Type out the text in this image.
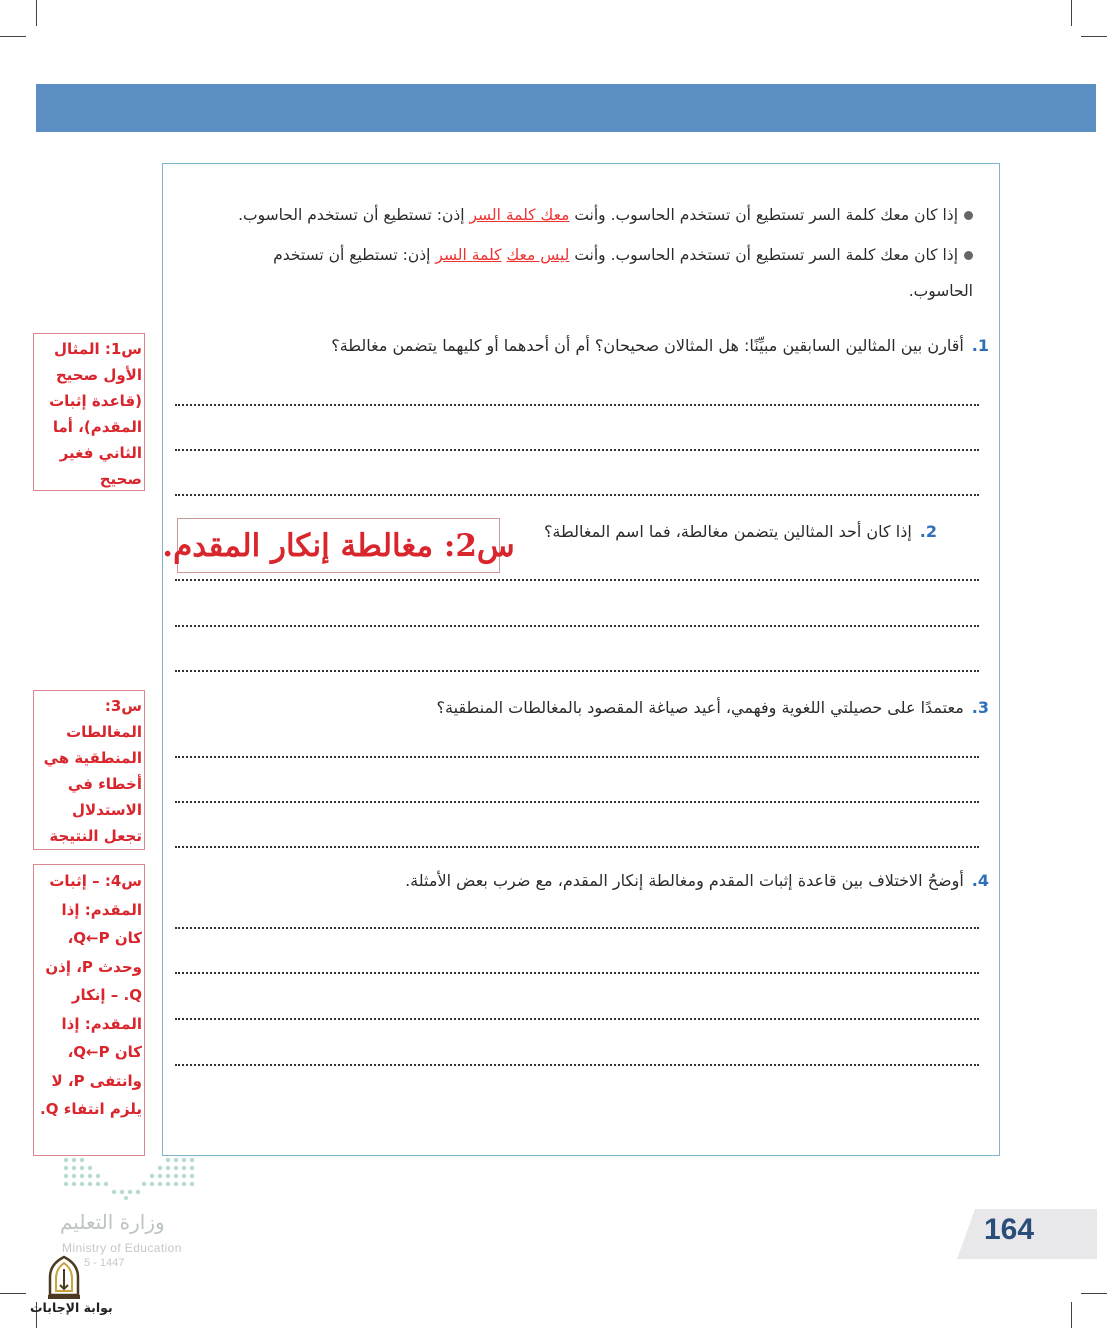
إذا كان معك كلمة السر تستطيع أن تستخدم الحاسوب. وأنت معك كلمة السر إذن: تستطيع أن تستخدم الحاسوب.
إذا كان معك كلمة السر تستطيع أن تستخدم الحاسوب. وأنت ليس معك كلمة السر إذن: تستطيع أن تستخدم
الحاسوب.
1.أقارن بين المثالين السابقين مبيِّنًا: هل المثالان صحيحان؟ أم أن أحدهما أو كليهما يتضمن مغالطة؟
2.إذا كان أحد المثالين يتضمن مغالطة، فما اسم المغالطة؟
س2: مغالطة إنكار المقدم.
3.معتمدًا على حصيلتي اللغوية وفهمي، أعيد صياغة المقصود بالمغالطات المنطقية؟
4.أوضحُ الاختلاف بين قاعدة إثبات المقدم ومغالطة إنكار المقدم، مع ضرب بعض الأمثلة.
س1: المثال الأول صحيح (قاعدة إثبات المقدم)، أما الثاني فغير صحيح
س3: المغالطات المنطقية هي أخطاء في الاستدلال تجعل النتيجة
س4: – إثبات المقدم: إذا كان Q←P، وحدث P، إذن Q. – إنكار المقدم: إذا كان Q←P، وانتفى P، لا يلزم انتفاء Q.
164
وزارة التعليم
Ministry of Education
5 - 1447
بوابة الإجابات
